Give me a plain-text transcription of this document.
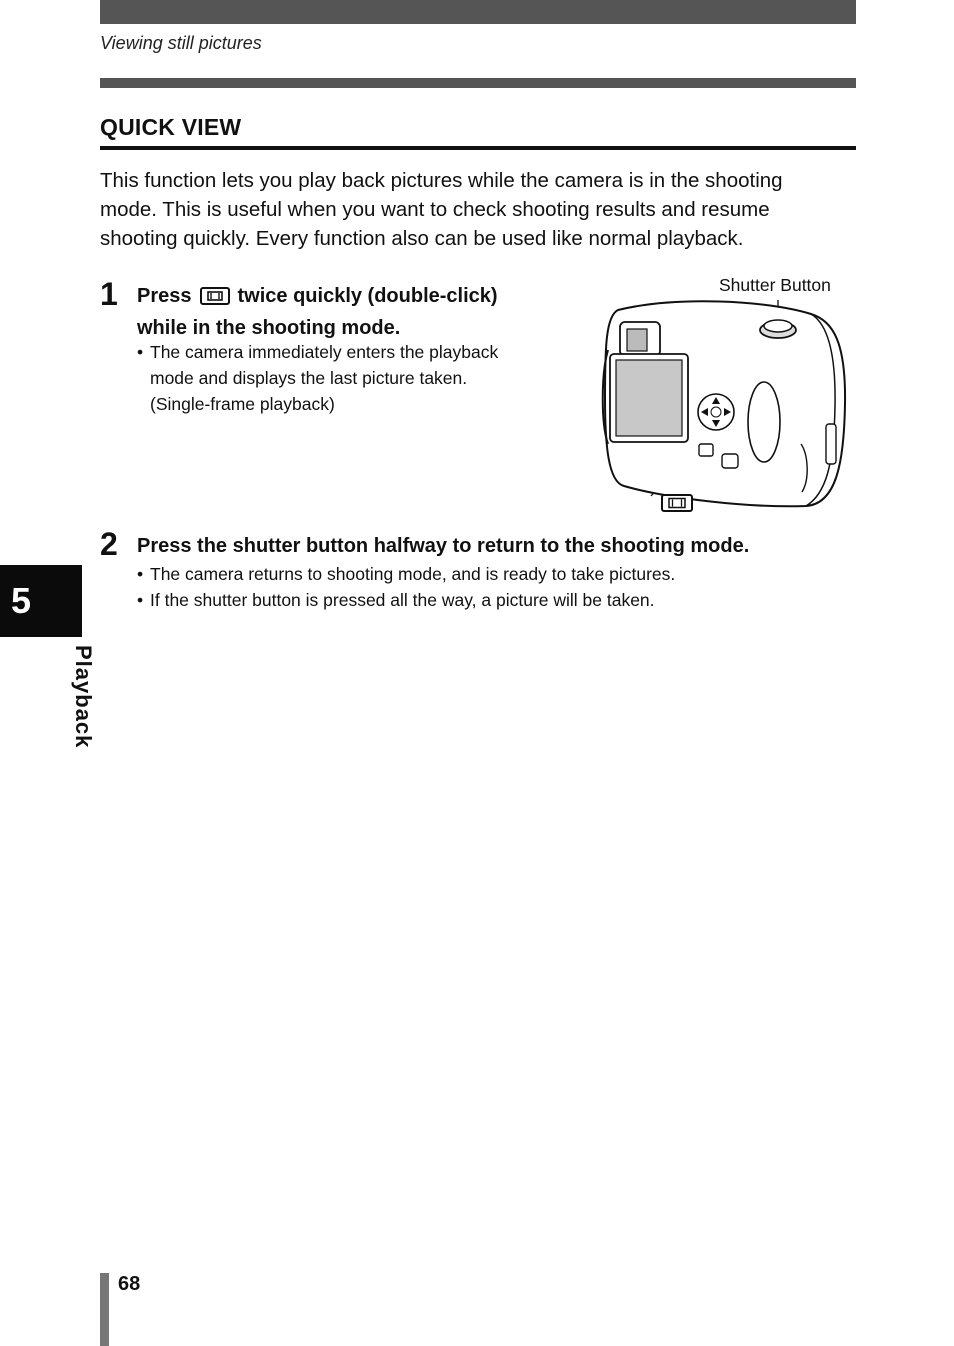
Viewing still pictures
QUICK VIEW

This function lets you play back pictures while the camera is in the shooting
mode. This is useful when you want to check shooting results and resume
shooting quickly. Every function also can be used like normal playback.

1 Press twice quickly (double-click)
while in the shooting mode.

• The camera immediately enters the playback
mode and displays the last picture taken.
(Single-frame playback)
Shutter Button
2 Press the shutter button halfway to return to the shooting mode.

• The camera returns to shooting mode, and is ready to take pictures.
• If the shutter button is pressed all the way, a picture will be taken.
5
Playback
68
